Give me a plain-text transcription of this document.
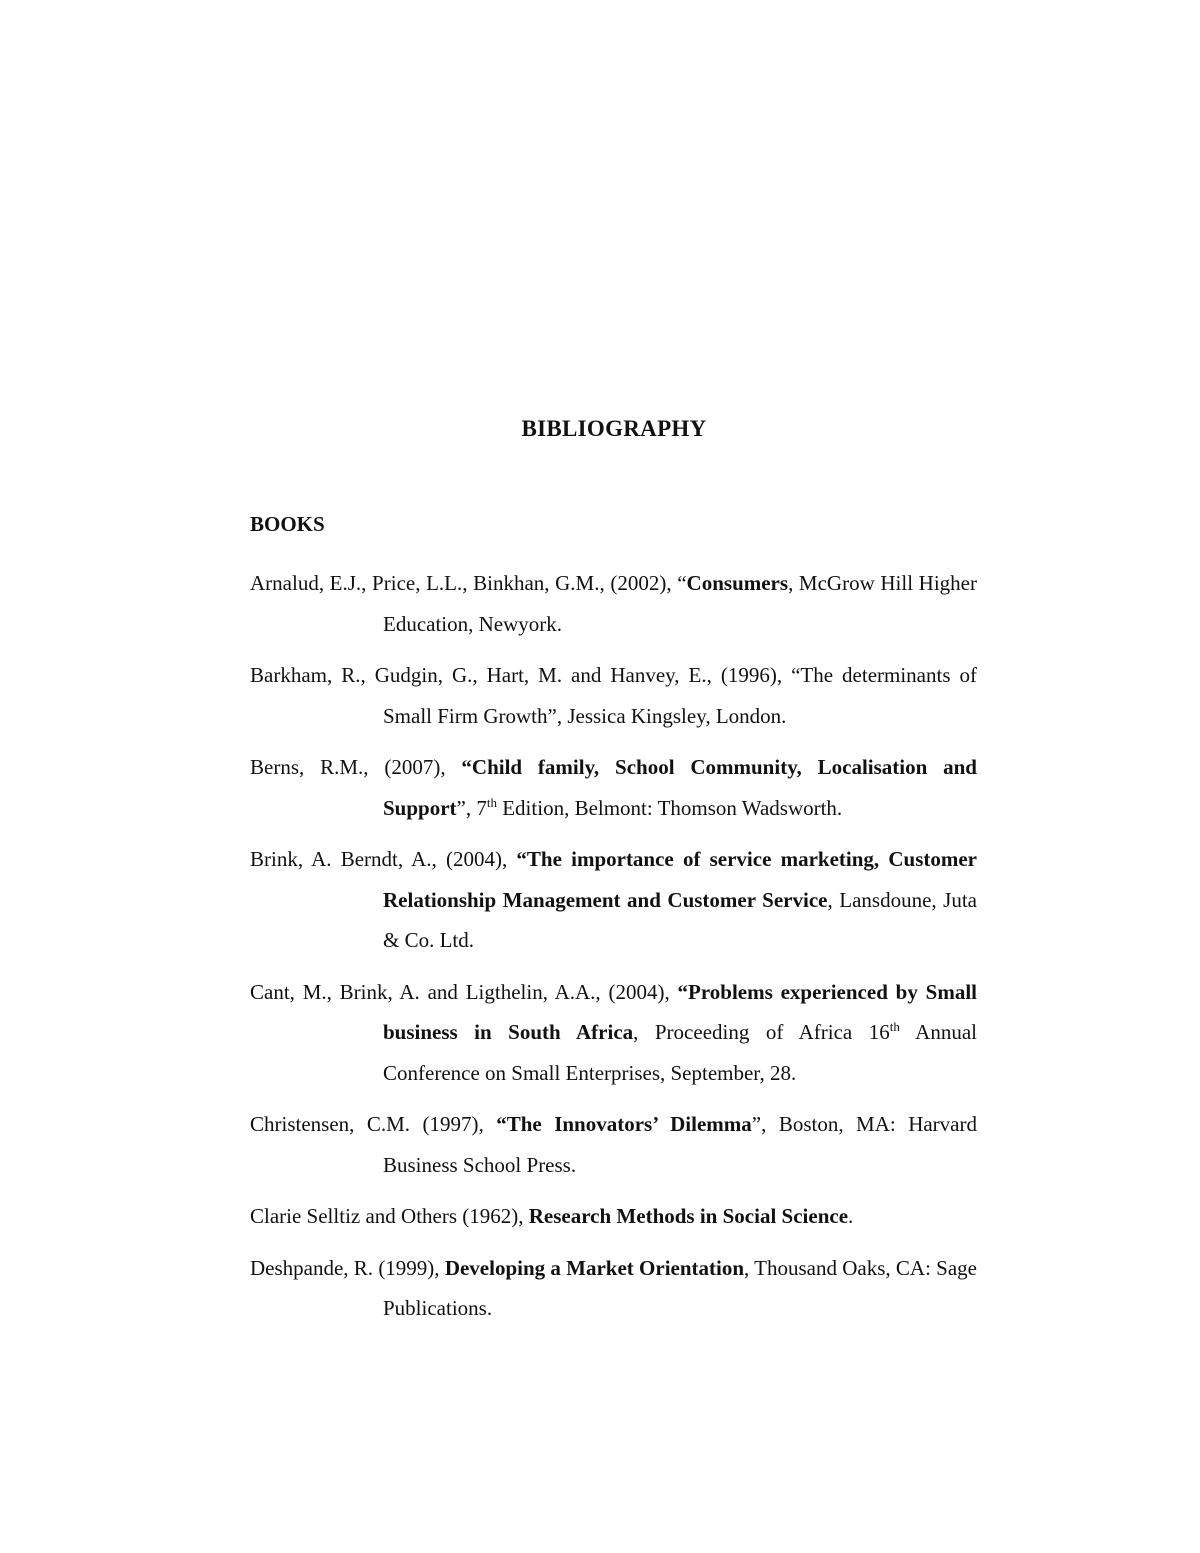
BIBLIOGRAPHY
BOOKS
Arnalud, E.J., Price, L.L., Binkhan, G.M., (2002), “Consumers, McGrow Hill Higher Education, Newyork.
Barkham, R., Gudgin, G., Hart, M. and Hanvey, E., (1996), “The determinants of Small Firm Growth”, Jessica Kingsley, London.
Berns, R.M., (2007), “Child family, School Community, Localisation and Support”, 7th Edition, Belmont: Thomson Wadsworth.
Brink, A. Berndt, A., (2004), “The importance of service marketing, Customer Relationship Management and Customer Service, Lansdoune, Juta & Co. Ltd.
Cant, M., Brink, A. and Ligthelin, A.A., (2004), “Problems experienced by Small business in South Africa, Proceeding of Africa 16th Annual Conference on Small Enterprises, September, 28.
Christensen, C.M. (1997), “The Innovators’ Dilemma”, Boston, MA: Harvard Business School Press.
Clarie Selltiz and Others (1962), Research Methods in Social Science.
Deshpande, R. (1999), Developing a Market Orientation, Thousand Oaks, CA: Sage Publications.
